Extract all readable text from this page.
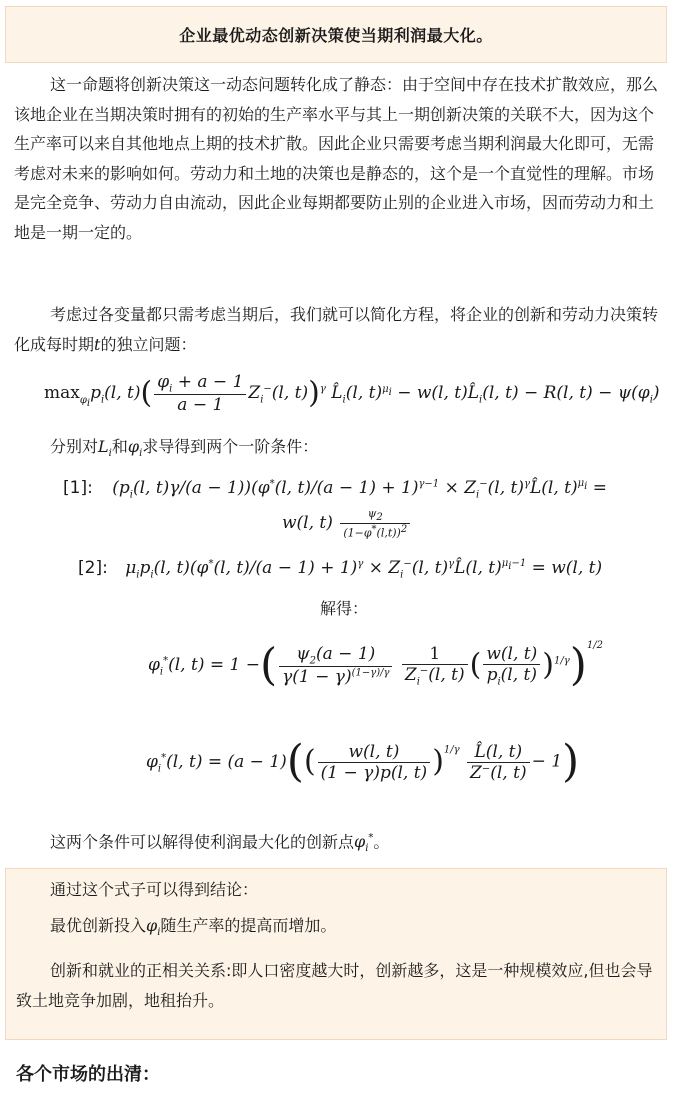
企业最优动态创新决策使当期利润最大化。

这一命题将创新决策这一动态问题转化成了静态：由于空间中存在技术扩散效应，那么该地企业在当期决策时拥有的初始的生产率水平与其上一期创新决策的关联不大，因为这个生产率可以来自其他地点上期的技术扩散。因此企业只需要考虑当期利润最大化即可，无需考虑对未来的影响如何。劳动力和土地的决策也是静态的，这个是一个直觉性的理解。市场是完全竞争、劳动力自由流动，因此企业每期都要防止别的企业进入市场，因而劳动力和土地是一期一定的。

考虑过各变量都只需考虑当期后，我们就可以简化方程，将企业的创新和劳动力决策转化成每时期t的独立问题：

$\max_{\varphi_i}p_i(l$, $t)( \frac{\varphi_i + a - 1}{a - 1} Z_i^-(l$, t))$^\gamma$ $L̂_i(l$, t)$^{\mu_i}$ − w(l, $t)L̂_i(l$, t) − R(l, $t) - \psi(\varphi_i)$
分别对$L_i$和$\varphi_i$求导得到两个一阶条件：
[1]: ($p_i(l$, t)γ/(a − 1))(φ*(l, $t)/(a - 1) + 1)^{\gamma-1} \times Z_i^-(l$, t)$^\gamma$L̂(l, t)$^{\mu_i}$ =
w(l, $t) \frac{\psi_2}{(1-\varphi^*(l,t))^2}$
[2]: $\mu_ip_i(l$, t)(φ*(l, $t)/(a - 1) + 1)^\gamma \times Z_i^-(l$, t)$^\gamma$L̂(l, t)$^{\mu_i-1}$ = w(l, t)
解得：
$\varphi_i^*(l$, t) = 1 −( $\frac{\psi_2(a - 1)}{\gamma(1 - \gamma)^{(1-\gamma)/\gamma}}$
$\frac{1}{Z_i^-(l, t)}$ ( $\frac{w(l, t)}{p_i(l, t)} )^{1/\gamma})^{1/2}$
$\varphi_i^*(l$, $t) = (a - 1)(( \frac{w(l, t)}{(1 - \gamma)p(l, t)} )^{1/\gamma} \frac{L̂(l, t)}{Z^-(l, t)} - 1)$
这两个条件可以解得使利润最大化的创新点$\varphi_i^*$。

通过这个式子可以得到结论：

最优创新投入$\varphi_i$随生产率的提高而增加。

创新和就业的正相关关系:即人口密度越大时，创新越多，这是一种规模效应,但也会导致土地竞争加剧，地租抬升。

各个市场的出清：
